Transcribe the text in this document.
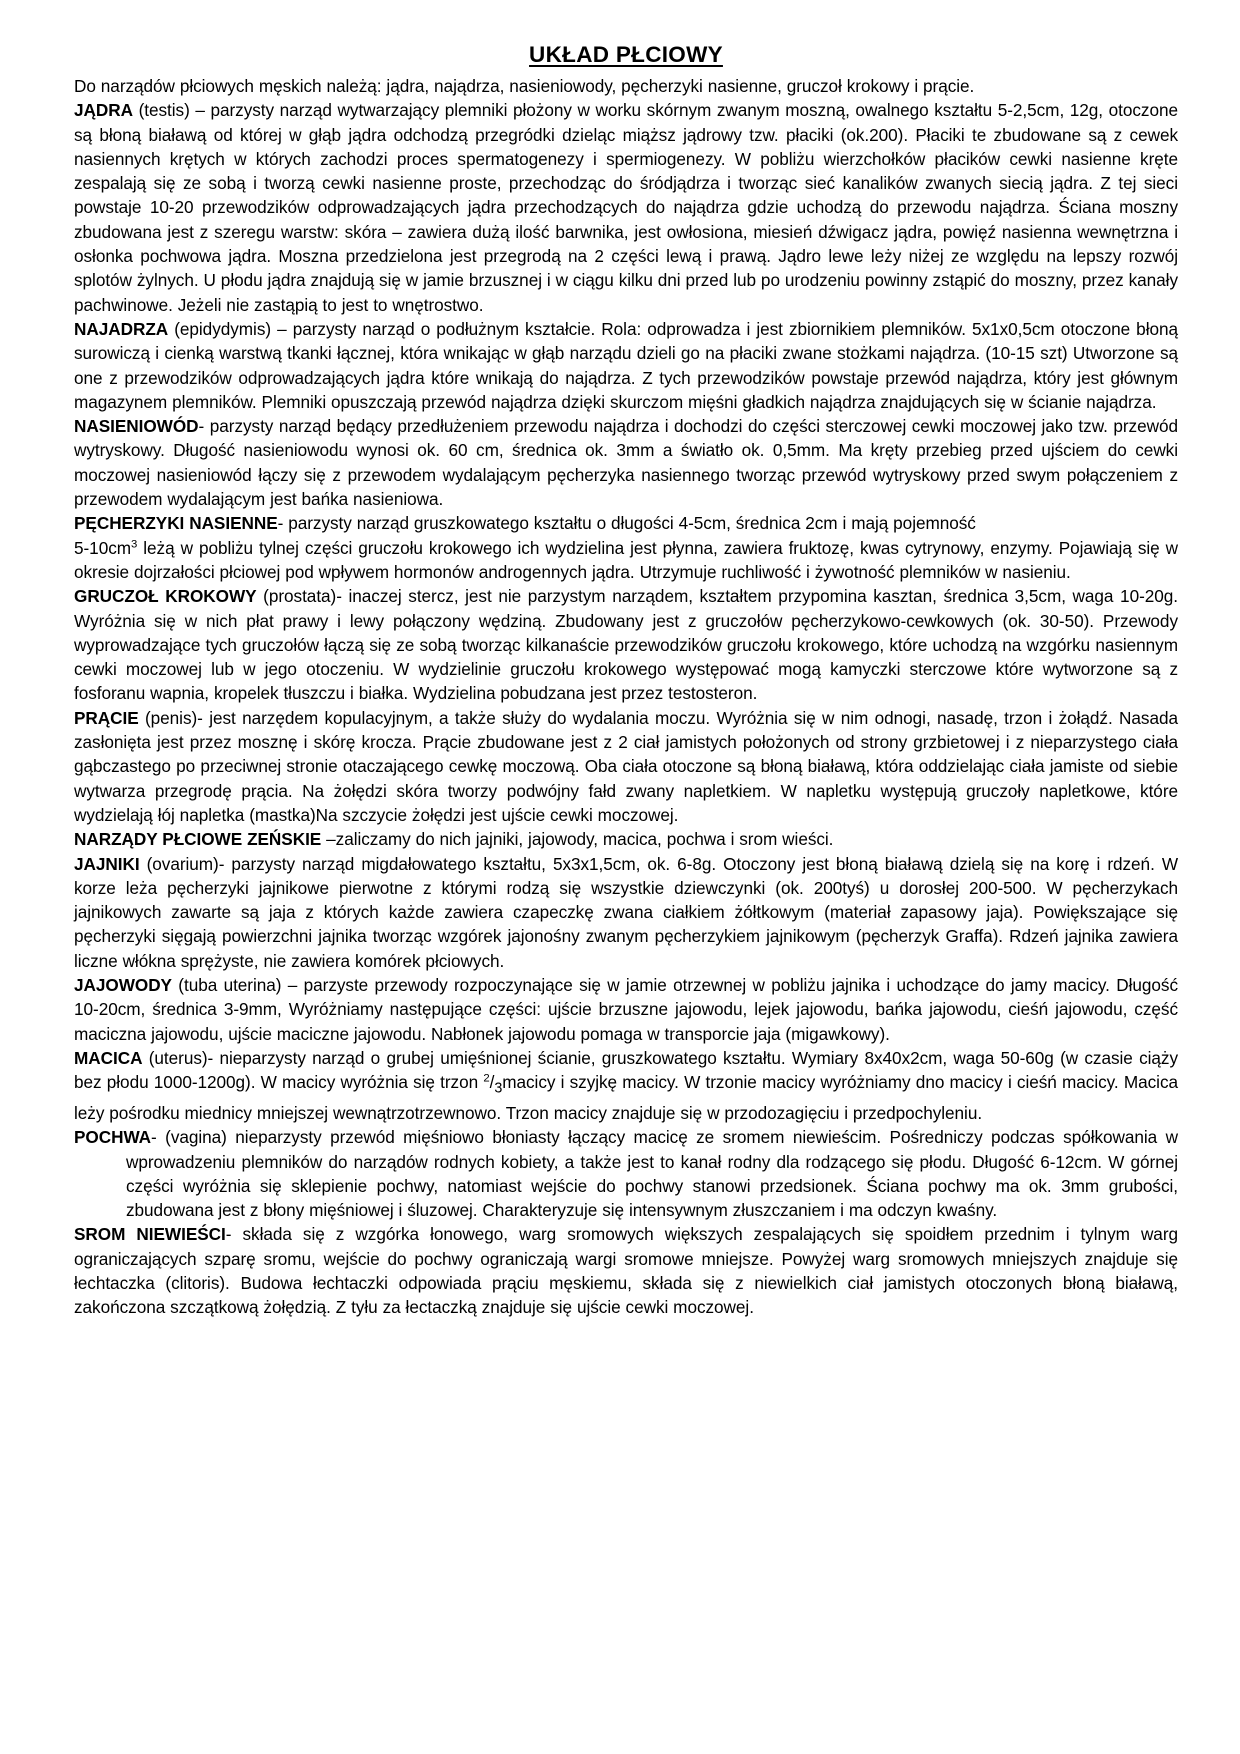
UKŁAD PŁCIOWY

Do narządów płciowych męskich należą: jądra, najądrza, nasieniowody, pęcherzyki nasienne, gruczoł krokowy i prącie.

JĄDRA (testis) – parzysty narząd wytwarzający plemniki płożony w worku skórnym zwanym moszną, owalnego kształtu 5-2,5cm, 12g, otoczone są błoną białawą od której w głąb jądra odchodzą przegródki dzieląc miąższ jądrowy tzw. płaciki (ok.200). Płaciki te zbudowane są z cewek nasiennych krętych w których zachodzi proces spermatogenezy i spermiogenezy. W pobliżu wierzchołków płacików cewki nasienne kręte zespalają się ze sobą i tworzą cewki nasienne proste, przechodząc do śródjądrza i tworząc sieć kanalików zwanych siecią jądra. Z tej sieci powstaje 10-20 przewodzików odprowadzających jądra przechodzących do najądrza gdzie uchodzą do przewodu najądrza. Ściana moszny zbudowana jest z szeregu warstw: skóra – zawiera dużą ilość barwnika, jest owłosiona, miesień dźwigacz jądra, powięź nasienna wewnętrzna i osłonka pochwowa jądra. Moszna przedzielona jest przegrodą na 2 części lewą i prawą. Jądro lewe leży niżej ze względu na lepszy rozwój splotów żylnych. U płodu jądra znajdują się w jamie brzusznej i w ciągu kilku dni przed lub po urodzeniu powinny zstąpić do moszny, przez kanały pachwinowe. Jeżeli nie zastąpią to jest to wnętrostwo.

NAJADRZA (epidydymis) – parzysty narząd o podłużnym kształcie. Rola: odprowadza i jest zbiornikiem plemników. 5x1x0,5cm otoczone błoną surowiczą i cienką warstwą tkanki łącznej, która wnikając w głąb narządu dzieli go na płaciki zwane stożkami najądrza. (10-15 szt) Utworzone są one z przewodzików odprowadzających jądra które wnikają do najądrza. Z tych przewodzików powstaje przewód najądrza, który jest głównym magazynem plemników. Plemniki opuszczają przewód najądrza dzięki skurczom mięśni gładkich najądrza znajdujących się w ścianie najądrza.

NASIENIOWÓD- parzysty narząd będący przedłużeniem przewodu najądrza i dochodzi do części sterczowej cewki moczowej jako tzw. przewód wytryskowy. Długość nasieniowodu wynosi ok. 60 cm, średnica ok. 3mm a światło ok. 0,5mm. Ma kręty przebieg przed ujściem do cewki moczowej nasieniowód łączy się z przewodem wydalającym pęcherzyka nasiennego tworząc przewód wytryskowy przed swym połączeniem z przewodem wydalającym jest bańka nasieniowa.

PĘCHERZYKI NASIENNE- parzysty narząd gruszkowatego kształtu o długości 4-5cm, średnica 2cm i mają pojemność

$5-10cm^3$ leżą w pobliżu tylnej części gruczołu krokowego ich wydzielina jest płynna, zawiera fruktozę, kwas cytrynowy, enzymy. Pojawiają się w okresie dojrzałości płciowej pod wpływem hormonów androgennych jądra. Utrzymuje ruchliwość i żywotność plemników w nasieniu.

GRUCZOŁ KROKOWY (prostata)- inaczej stercz, jest nie parzystym narządem, kształtem przypomina kasztan, średnica 3,5cm, waga 10-20g. Wyróżnia się w nich płat prawy i lewy połączony wędziną. Zbudowany jest z gruczołów pęcherzykowo-cewkowych (ok. 30-50). Przewody wyprowadzające tych gruczołów łączą się ze sobą tworząc kilkanaście przewodzików gruczołu krokowego, które uchodzą na wzgórku nasiennym cewki moczowej lub w jego otoczeniu. W wydzielinie gruczołu krokowego występować mogą kamyczki sterczowe które wytworzone są z fosforanu wapnia, kropelek tłuszczu i białka. Wydzielina pobudzana jest przez testosteron.

PRĄCIE (penis)- jest narzędem kopulacyjnym, a także służy do wydalania moczu. Wyróżnia się w nim odnogi, nasadę, trzon i żołądź. Nasada zasłonięta jest przez mosznę i skórę krocza. Prącie zbudowane jest z 2 ciał jamistych położonych od strony grzbietowej i z nieparzystego ciała gąbczastego po przeciwnej stronie otaczającego cewkę moczową. Oba ciała otoczone są błoną białawą, która oddzielając ciała jamiste od siebie wytwarza przegrodę prącia. Na żołędzi skóra tworzy podwójny fałd zwany napletkiem. W napletku występują gruczoły napletkowe, które wydzielają łój napletka (mastka)Na szczycie żołędzi jest ujście cewki moczowej.

NARZĄDY PŁCIOWE ZEŃSKIE –zaliczamy do nich jajniki, jajowody, macica, pochwa i srom wieści.

JAJNIKI (ovarium)- parzysty narząd migdałowatego kształtu, 5x3x1,5cm, ok. 6-8g. Otoczony jest błoną białawą dzielą się na korę i rdzeń. W korze leża pęcherzyki jajnikowe pierwotne z którymi rodzą się wszystkie dziewczynki (ok. 200tyś) u dorosłej 200-500. W pęcherzykach jajnikowych zawarte są jaja z których każde zawiera czapeczkę zwana ciałkiem żółtkowym (materiał zapasowy jaja). Powiększające się pęcherzyki sięgają powierzchni jajnika tworząc wzgórek jajonośny zwanym pęcherzykiem jajnikowym (pęcherzyk Graffa). Rdzeń jajnika zawiera liczne włókna sprężyste, nie zawiera komórek płciowych.

JAJOWODY (tuba uterina) – parzyste przewody rozpoczynające się w jamie otrzewnej w pobliżu jajnika i uchodzące do jamy macicy. Długość 10-20cm, średnica 3-9mm, Wyróżniamy następujące części: ujście brzuszne jajowodu, lejek jajowodu, bańka jajowodu, cieśń jajowodu, część maciczna jajowodu, ujście maciczne jajowodu. Nabłonek jajowodu pomaga w transporcie jaja (migawkowy).

MACICA (uterus)- nieparzysty narząd o grubej umięśnionej ścianie, gruszkowatego kształtu. Wymiary 8x40x2cm, waga 50-60g (w czasie ciąży bez płodu 1000-1200g). W macicy wyróżnia się trzon $^2/_3macicy$ i szyjkę macicy. W trzonie macicy wyróżniamy dno macicy i cieśń macicy. Macica leży pośrodku miednicy mniejszej wewnątrzotrzewnowo. Trzon macicy znajduje się w przodozagięciu i przedpochyleniu.

POCHWA- (vagina) nieparzysty przewód mięśniowo błoniasty łączący macicę ze sromem niewieścim. Pośredniczy podczas spółkowania w wprowadzeniu plemników do narządów rodnych kobiety, a także jest to kanał rodny dla rodzącego się płodu. Długość 6-12cm. W górnej części wyróżnia się sklepienie pochwy, natomiast wejście do pochwy stanowi przedsionek. Ściana pochwy ma ok. 3mm grubości, zbudowana jest z błony mięśniowej i śluzowej. Charakteryzuje się intensywnym złuszczaniem i ma odczyn kwaśny.

SROM NIEWIEŚCI- składa się z wzgórka łonowego, warg sromowych większych zespalających się spoidłem przednim i tylnym warg ograniczających szparę sromu, wejście do pochwy ograniczają wargi sromowe mniejsze. Powyżej warg sromowych mniejszych znajduje się łechtaczka (clitoris). Budowa łechtaczki odpowiada prąciu męskiemu, składa się z niewielkich ciał jamistych otoczonych błoną białawą, zakończona szczątkową żołędzią. Z tyłu za łectaczką znajduje się ujście cewki moczowej.
